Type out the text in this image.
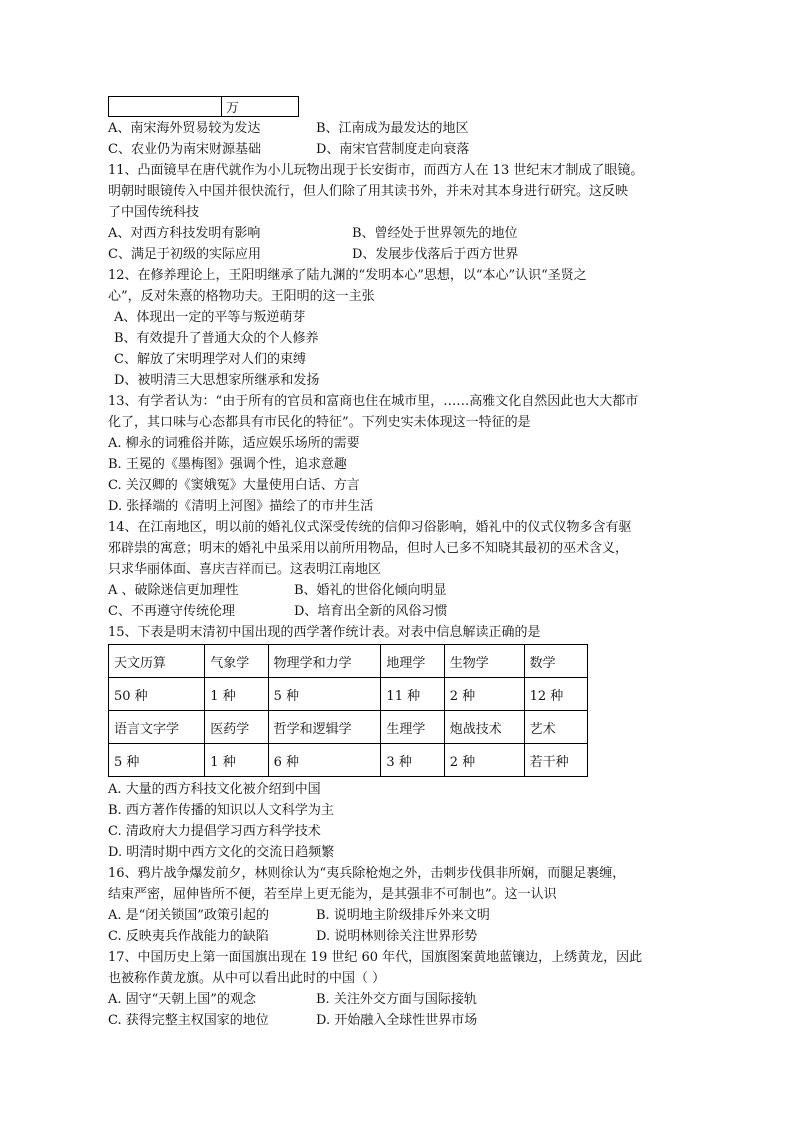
	万
A、南宋海外贸易较为发达	B、江南成为最发达的地区
C、农业仍为南宋财源基础	D、南宋官营制度走向衰落
11、凸面镜早在唐代就作为小儿玩物出现于长安街市，而西方人在 13 世纪末才制成了眼镜。
明朝时眼镜传入中国并很快流行，但人们除了用其读书外，并未对其本身进行研究。这反映
了中国传统科技
A、对西方科技发明有影响	B、曾经处于世界领先的地位
C、满足于初级的实际应用	D、发展步伐落后于西方世界
12、在修养理论上，王阳明继承了陆九渊的“发明本心”思想，以“本心”认识“圣贤之
心”，反对朱熹的格物功夫。王阳明的这一主张
A、体现出一定的平等与叛逆萌芽
B、有效提升了普通大众的个人修养
C、解放了宋明理学对人们的束缚
D、被明清三大思想家所继承和发扬
13、有学者认为：“由于所有的官员和富商也住在城市里，……高雅文化自然因此也大大都市
化了，其口味与心态都具有市民化的特征”。下列史实未体现这一特征的是
A. 柳永的词雅俗并陈，适应娱乐场所的需要
B. 王冕的《墨梅图》强调个性，追求意趣
C. 关汉卿的《窦娥冤》大量使用白话、方言
D. 张择端的《清明上河图》描绘了的市井生活
14、在江南地区，明以前的婚礼仪式深受传统的信仰习俗影响，婚礼中的仪式仪物多含有驱
邪辟祟的寓意；明末的婚礼中虽采用以前所用物品，但时人已多不知晓其最初的巫术含义，
只求华丽体面、喜庆吉祥而已。这表明江南地区
A 、破除迷信更加理性	B、婚礼的世俗化倾向明显
C、不再遵守传统伦理	D、培育出全新的风俗习惯
15、下表是明末清初中国出现的西学著作统计表。对表中信息解读正确的是
天文历算	气象学	物理学和力学	地理学	生物学	数学
50 种	1 种	5 种	11 种	2 种	12 种
语言文字学	医药学	哲学和逻辑学	生理学	炮战技术	艺术
5 种	1 种	6 种	3 种	2 种	若干种
A. 大量的西方科技文化被介绍到中国
B. 西方著作传播的知识以人文科学为主
C. 清政府大力提倡学习西方科学技术
D. 明清时期中西方文化的交流日趋频繁
16、鸦片战争爆发前夕，林则徐认为“夷兵除枪炮之外，击刺步伐俱非所娴，而腿足裹缠，
结束严密，屈伸皆所不便，若至岸上更无能为，是其强非不可制也”。这一认识
A. 是“闭关锁国”政策引起的	B. 说明地主阶级排斥外来文明
C. 反映夷兵作战能力的缺陷	D. 说明林则徐关注世界形势
17、中国历史上第一面国旗出现在 19 世纪 60 年代，国旗图案黄地蓝镶边，上绣黄龙，因此
也被称作黄龙旗。从中可以看出此时的中国（ ）
A. 固守“天朝上国”的观念	B. 关注外交方面与国际接轨
C. 获得完整主权国家的地位	D. 开始融入全球性世界市场
